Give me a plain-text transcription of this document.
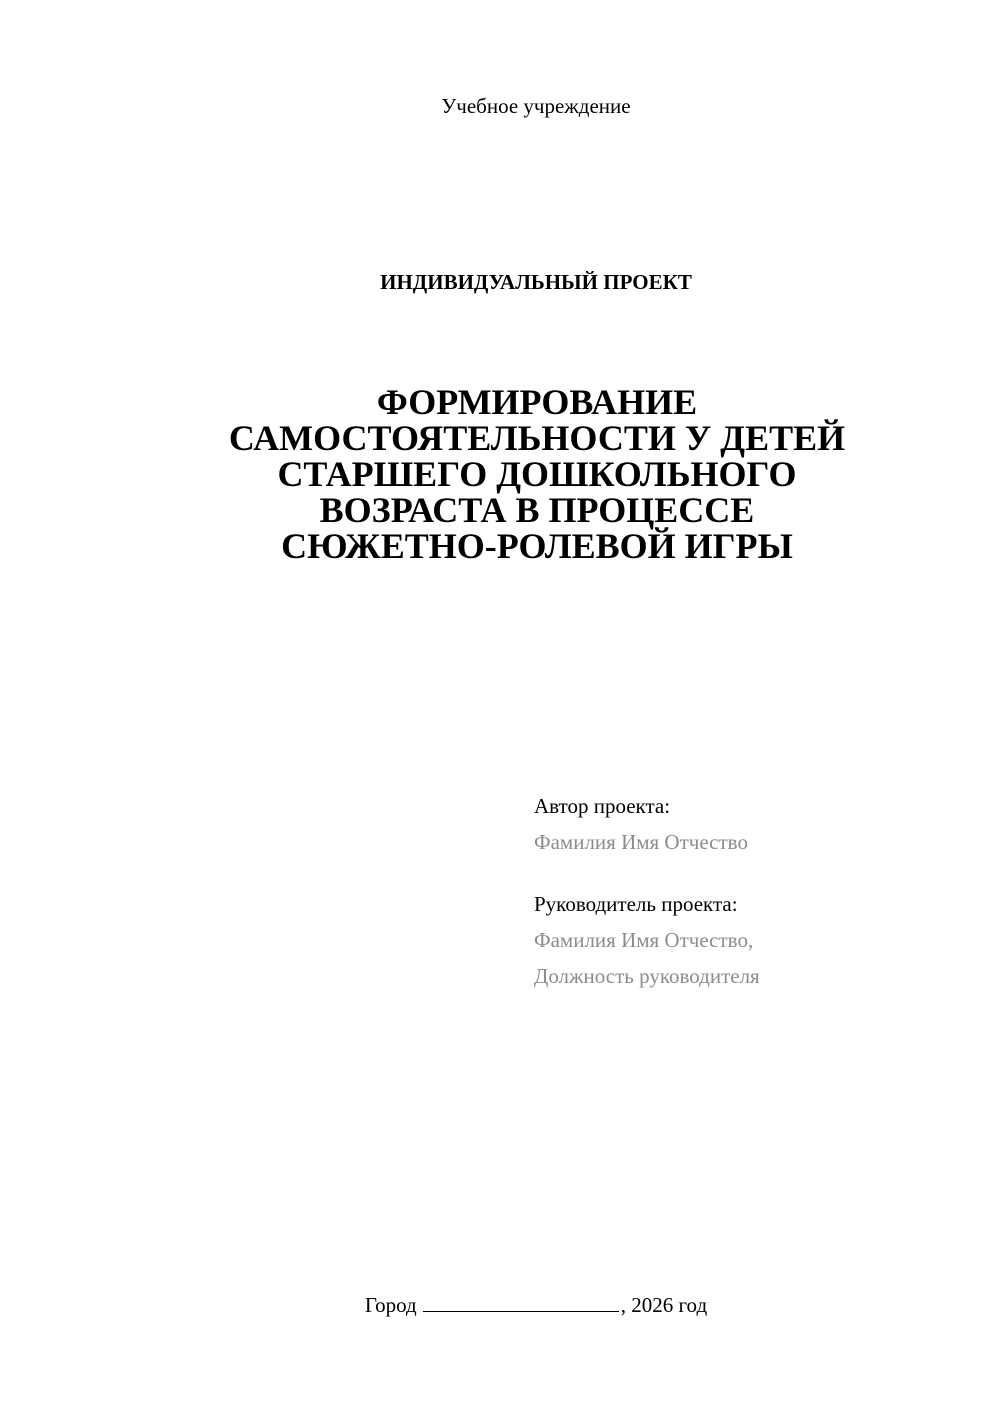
Учебное учреждение
ИНДИВИДУАЛЬНЫЙ ПРОЕКТ
ФОРМИРОВАНИЕ
САМОСТОЯТЕЛЬНОСТИ У ДЕТЕЙ
СТАРШЕГО ДОШКОЛЬНОГО
ВОЗРАСТА В ПРОЦЕССЕ
СЮЖЕТНО-РОЛЕВОЙ ИГРЫ
Автор проекта:
Фамилия Имя Отчество
Руководитель проекта:
Фамилия Имя Отчество,
Должность руководителя
Город	, 2026 год
